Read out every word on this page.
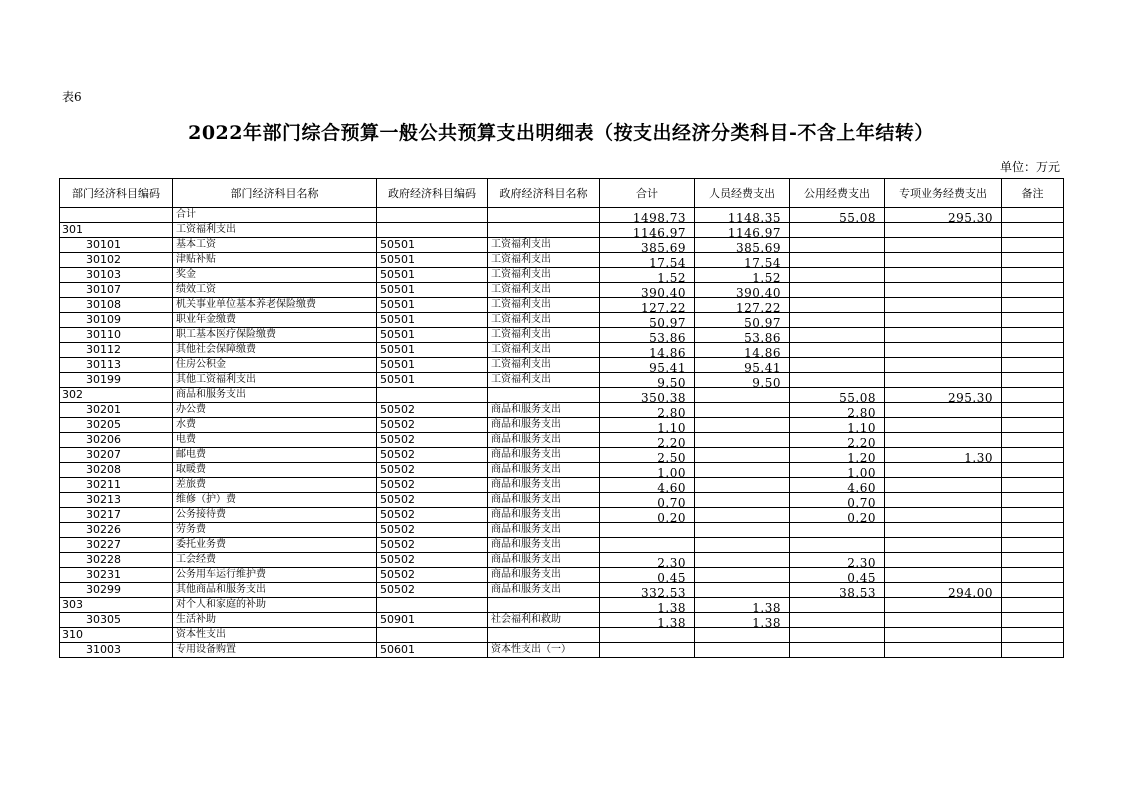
表6
2022年部门综合预算一般公共预算支出明细表（按支出经济分类科目-不含上年结转）
单位：万元
部门经济科目编码	部门经济科目名称	政府经济科目编码	政府经济科目名称	合计	人员经费支出	公用经费支出	专项业务经费支出	备注
	合计			1498.73	1148.35	55.08	295.30	
301	工资福利支出			1146.97	1146.97			
30101	基本工资	50501	工资福利支出	385.69	385.69			
30102	津贴补贴	50501	工资福利支出	17.54	17.54			
30103	奖金	50501	工资福利支出	1.52	1.52			
30107	绩效工资	50501	工资福利支出	390.40	390.40			
30108	机关事业单位基本养老保险缴费	50501	工资福利支出	127.22	127.22			
30109	职业年金缴费	50501	工资福利支出	50.97	50.97			
30110	职工基本医疗保险缴费	50501	工资福利支出	53.86	53.86			
30112	其他社会保障缴费	50501	工资福利支出	14.86	14.86			
30113	住房公积金	50501	工资福利支出	95.41	95.41			
30199	其他工资福利支出	50501	工资福利支出	9.50	9.50			
302	商品和服务支出			350.38		55.08	295.30	
30201	办公费	50502	商品和服务支出	2.80		2.80		
30205	水费	50502	商品和服务支出	1.10		1.10		
30206	电费	50502	商品和服务支出	2.20		2.20		
30207	邮电费	50502	商品和服务支出	2.50		1.20	1.30	
30208	取暖费	50502	商品和服务支出	1.00		1.00		
30211	差旅费	50502	商品和服务支出	4.60		4.60		
30213	维修（护）费	50502	商品和服务支出	0.70		0.70		
30217	公务接待费	50502	商品和服务支出	0.20		0.20		
30226	劳务费	50502	商品和服务支出					
30227	委托业务费	50502	商品和服务支出					
30228	工会经费	50502	商品和服务支出	2.30		2.30		
30231	公务用车运行维护费	50502	商品和服务支出	0.45		0.45		
30299	其他商品和服务支出	50502	商品和服务支出	332.53		38.53	294.00	
303	对个人和家庭的补助			1.38	1.38			
30305	生活补助	50901	社会福利和救助	1.38	1.38			
310	资本性支出							
31003	专用设备购置	50601	资本性支出（一）					
